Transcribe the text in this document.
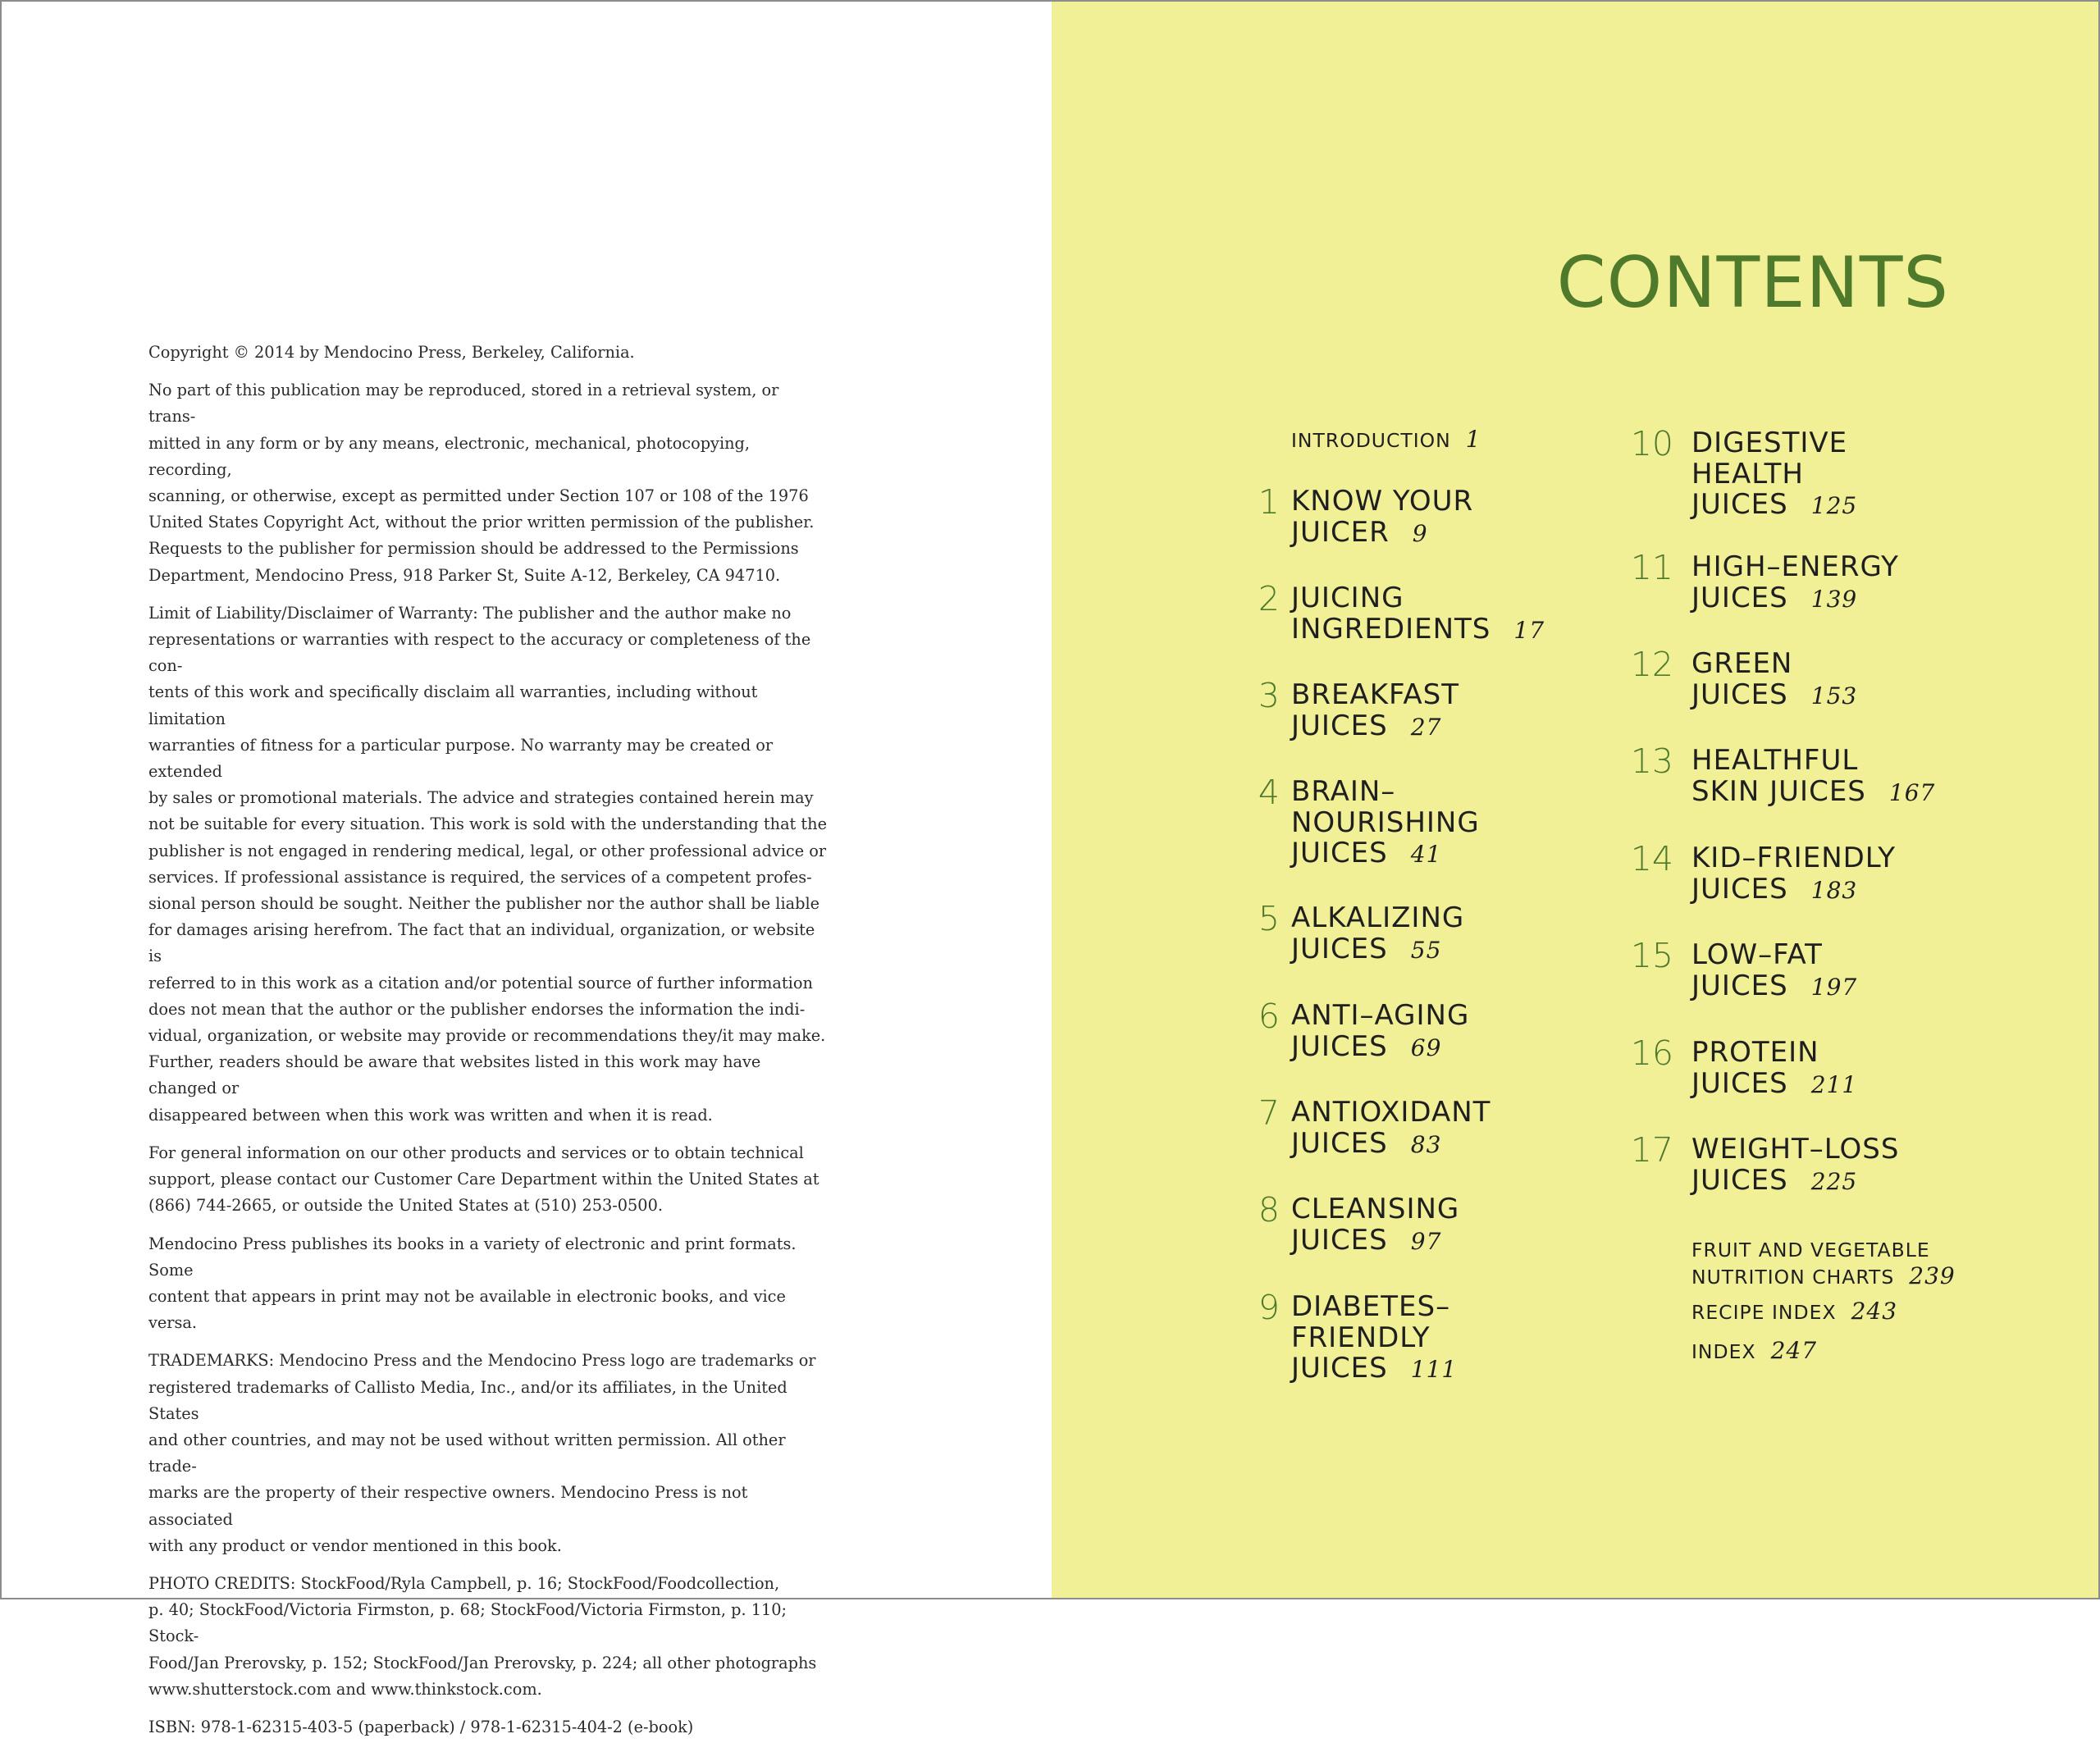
Copyright © 2014 by Mendocino Press, Berkeley, California.

No part of this publication may be reproduced, stored in a retrieval system, or trans-
mitted in any form or by any means, electronic, mechanical, photocopying, recording,
scanning, or otherwise, except as permitted under Section 107 or 108 of the 1976
United States Copyright Act, without the prior written permission of the publisher.
Requests to the publisher for permission should be addressed to the Permissions
Department, Mendocino Press, 918 Parker St, Suite A-12, Berkeley, CA 94710.

Limit of Liability/Disclaimer of Warranty: The publisher and the author make no
representations or warranties with respect to the accuracy or completeness of the con-
tents of this work and specifically disclaim all warranties, including without limitation
warranties of fitness for a particular purpose. No warranty may be created or extended
by sales or promotional materials. The advice and strategies contained herein may
not be suitable for every situation. This work is sold with the understanding that the
publisher is not engaged in rendering medical, legal, or other professional advice or
services. If professional assistance is required, the services of a competent profes-
sional person should be sought. Neither the publisher nor the author shall be liable
for damages arising herefrom. The fact that an individual, organization, or website is
referred to in this work as a citation and/or potential source of further information
does not mean that the author or the publisher endorses the information the indi-
vidual, organization, or website may provide or recommendations they/it may make.
Further, readers should be aware that websites listed in this work may have changed or
disappeared between when this work was written and when it is read.

For general information on our other products and services or to obtain technical
support, please contact our Customer Care Department within the United States at
(866) 744-2665, or outside the United States at (510) 253-0500.

Mendocino Press publishes its books in a variety of electronic and print formats. Some
content that appears in print may not be available in electronic books, and vice versa.

TRADEMARKS: Mendocino Press and the Mendocino Press logo are trademarks or
registered trademarks of Callisto Media, Inc., and/or its affiliates, in the United States
and other countries, and may not be used without written permission. All other trade-
marks are the property of their respective owners. Mendocino Press is not associated
with any product or vendor mentioned in this book.

PHOTO CREDITS: StockFood/Ryla Campbell, p. 16; StockFood/Foodcollection,
p. 40; StockFood/Victoria Firmston, p. 68; StockFood/Victoria Firmston, p. 110; Stock-
Food/Jan Prerovsky, p. 152; StockFood/Jan Prerovsky, p. 224; all other photographs
www.shutterstock.com and www.thinkstock.com.

ISBN: 978-1-62315-403-5 (paperback) / 978-1-62315-404-2 (e-book)

CONTENTS
INTRODUCTION 1
1 KNOW YOUR
JUICER 9
2 JUICING
INGREDIENTS 17
3 BREAKFAST
JUICES 27
4 BRAIN–
NOURISHING
JUICES 41
5 ALKALIZING
JUICES 55
6 ANTI–AGING
JUICES 69
7 ANTIOXIDANT
JUICES 83
8 CLEANSING
JUICES 97
9 DIABETES–
FRIENDLY
JUICES 111
10 DIGESTIVE
HEALTH
JUICES 125
11 HIGH–ENERGY
JUICES 139
12 GREEN
JUICES 153
13 HEALTHFUL
SKIN JUICES 167
14 KID–FRIENDLY
JUICES 183
15 LOW–FAT
JUICES 197
16 PROTEIN
JUICES 211
17 WEIGHT–LOSS
JUICES 225
FRUIT AND VEGETABLE
NUTRITION CHARTS 239
RECIPE INDEX 243
INDEX 247
